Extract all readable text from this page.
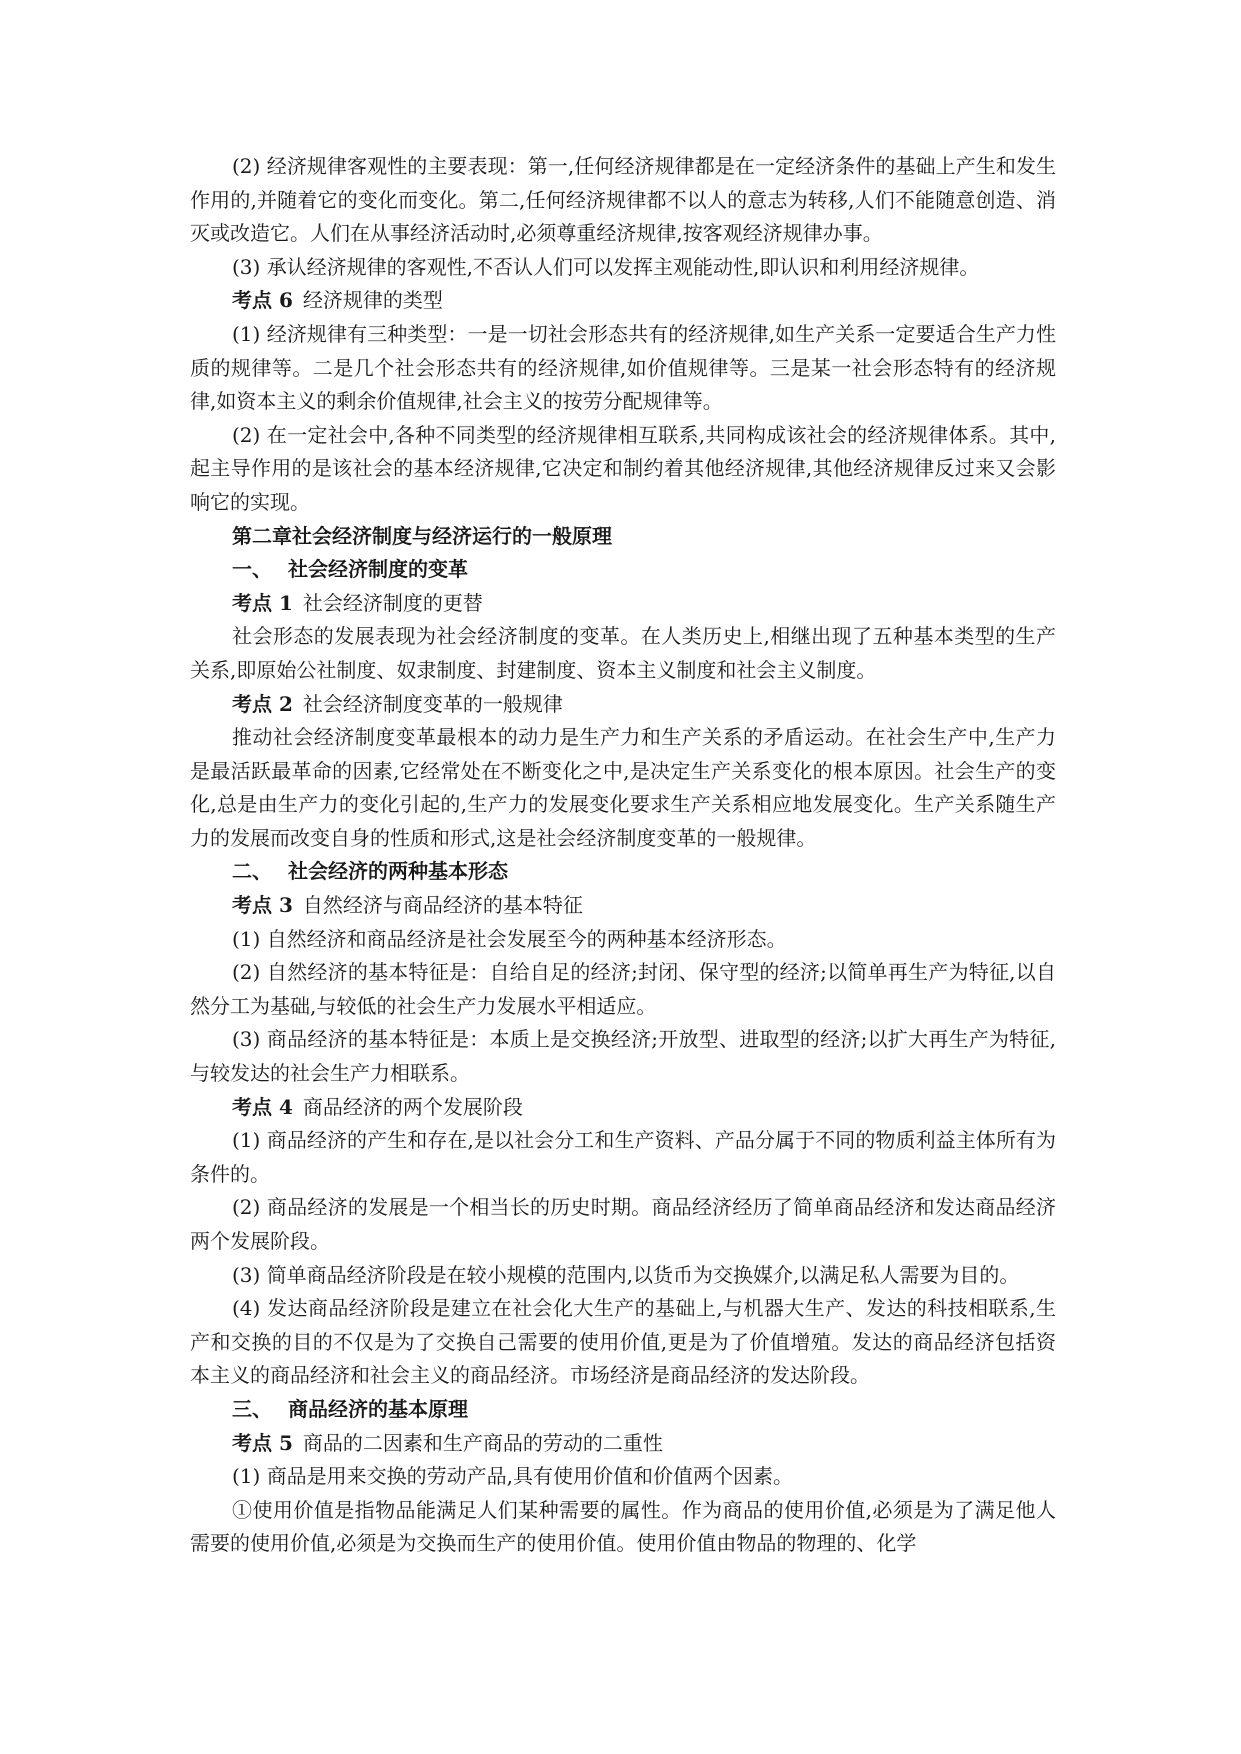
(2) 经济规律客观性的主要表现：第一,任何经济规律都是在一定经济条件的基础上产生和发生作用的,并随着它的变化而变化。第二,任何经济规律都不以人的意志为转移,人们不能随意创造、消灭或改造它。人们在从事经济活动时,必须尊重经济规律,按客观经济规律办事。

(3) 承认经济规律的客观性,不否认人们可以发挥主观能动性,即认识和利用经济规律。

考点 6 经济规律的类型

(1) 经济规律有三种类型：一是一切社会形态共有的经济规律,如生产关系一定要适合生产力性质的规律等。二是几个社会形态共有的经济规律,如价值规律等。三是某一社会形态特有的经济规律,如资本主义的剩余价值规律,社会主义的按劳分配规律等。

(2) 在一定社会中,各种不同类型的经济规律相互联系,共同构成该社会的经济规律体系。其中,起主导作用的是该社会的基本经济规律,它决定和制约着其他经济规律,其他经济规律反过来又会影响它的实现。

第二章社会经济制度与经济运行的一般原理

一、 社会经济制度的变革

考点 1 社会经济制度的更替

社会形态的发展表现为社会经济制度的变革。在人类历史上,相继出现了五种基本类型的生产关系,即原始公社制度、奴隶制度、封建制度、资本主义制度和社会主义制度。

考点 2 社会经济制度变革的一般规律

推动社会经济制度变革最根本的动力是生产力和生产关系的矛盾运动。在社会生产中,生产力是最活跃最革命的因素,它经常处在不断变化之中,是决定生产关系变化的根本原因。社会生产的变化,总是由生产力的变化引起的,生产力的发展变化要求生产关系相应地发展变化。生产关系随生产力的发展而改变自身的性质和形式,这是社会经济制度变革的一般规律。

二、 社会经济的两种基本形态

考点 3 自然经济与商品经济的基本特征

(1) 自然经济和商品经济是社会发展至今的两种基本经济形态。

(2) 自然经济的基本特征是：自给自足的经济;封闭、保守型的经济;以简单再生产为特征,以自然分工为基础,与较低的社会生产力发展水平相适应。

(3) 商品经济的基本特征是：本质上是交换经济;开放型、进取型的经济;以扩大再生产为特征,与较发达的社会生产力相联系。

考点 4 商品经济的两个发展阶段

(1) 商品经济的产生和存在,是以社会分工和生产资料、产品分属于不同的物质利益主体所有为条件的。

(2) 商品经济的发展是一个相当长的历史时期。商品经济经历了简单商品经济和发达商品经济两个发展阶段。

(3) 简单商品经济阶段是在较小规模的范围内,以货币为交换媒介,以满足私人需要为目的。

(4) 发达商品经济阶段是建立在社会化大生产的基础上,与机器大生产、发达的科技相联系,生产和交换的目的不仅是为了交换自己需要的使用价值,更是为了价值增殖。发达的商品经济包括资本主义的商品经济和社会主义的商品经济。市场经济是商品经济的发达阶段。

三、 商品经济的基本原理

考点 5 商品的二因素和生产商品的劳动的二重性

(1) 商品是用来交换的劳动产品,具有使用价值和价值两个因素。

①使用价值是指物品能满足人们某种需要的属性。作为商品的使用价值,必须是为了满足他人需要的使用价值,必须是为交换而生产的使用价值。使用价值由物品的物理的、化学
